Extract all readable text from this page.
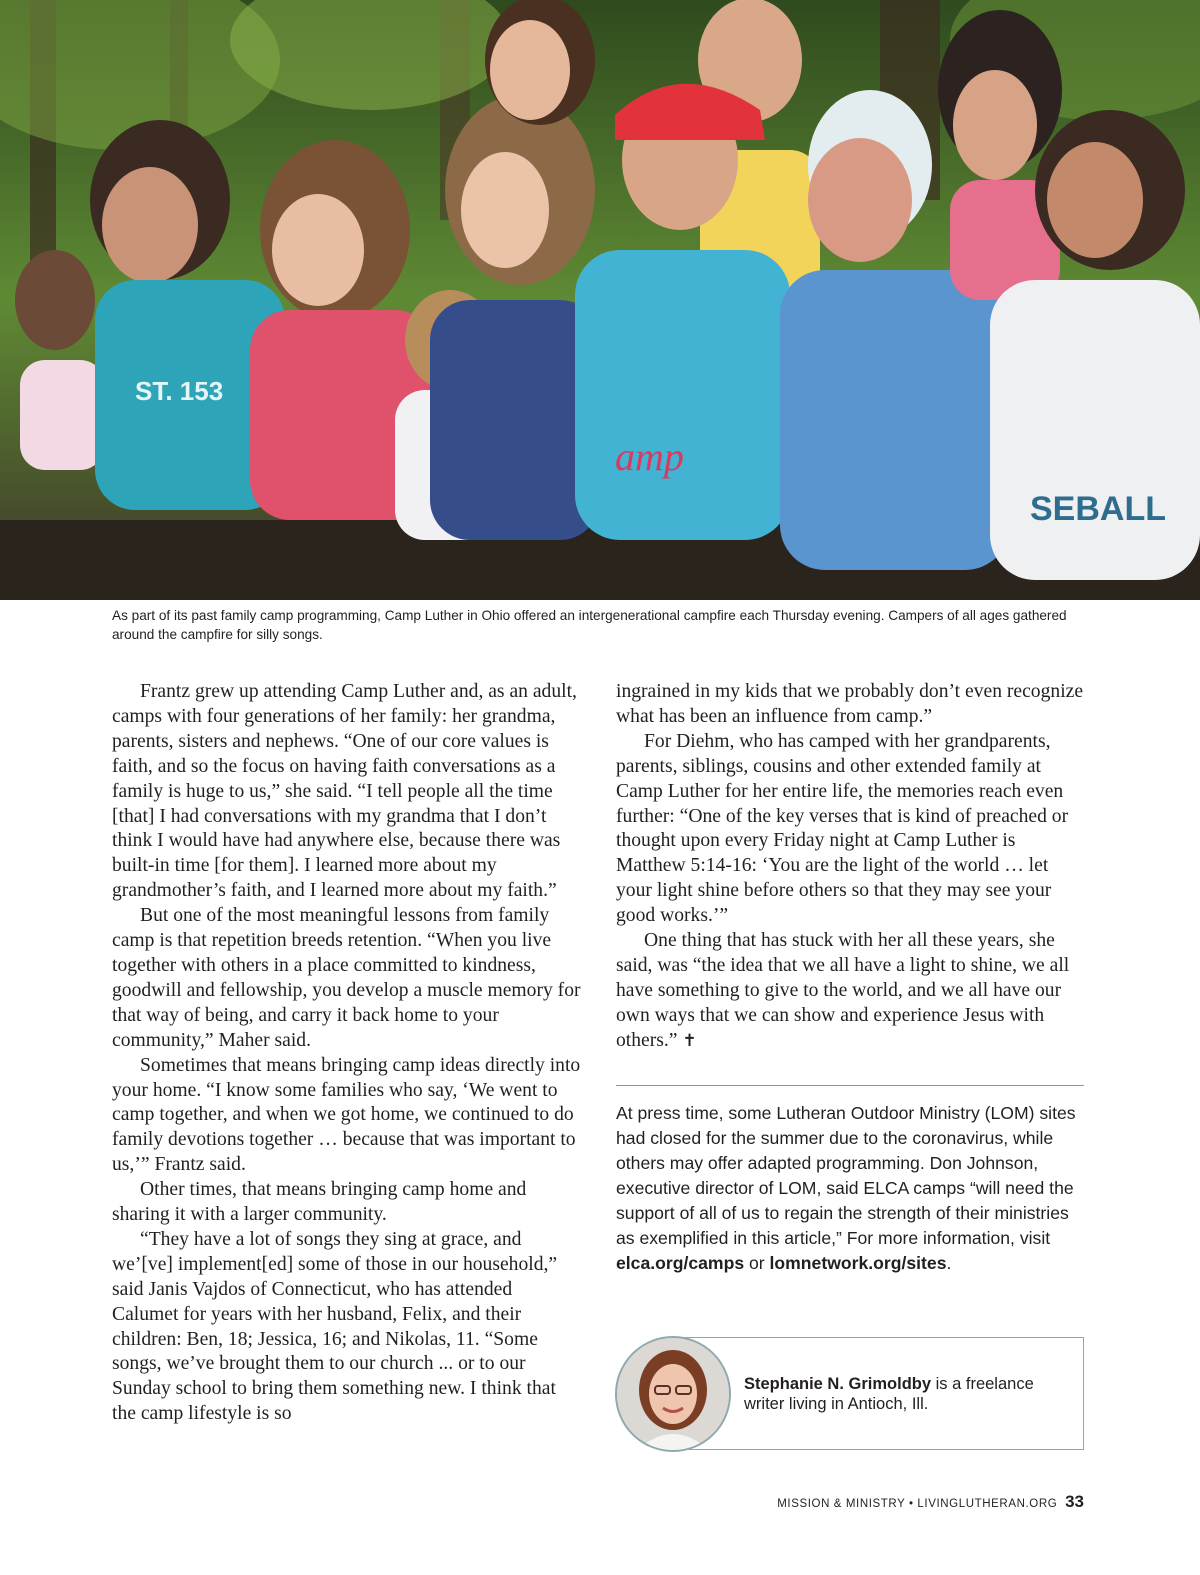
ST. 153
amp
SEBALL
As part of its past family camp programming, Camp Luther in Ohio offered an intergenerational campfire each Thursday evening. Campers of all ages gathered around the campfire for silly songs.

Frantz grew up attending Camp Luther and, as an adult, camps with four generations of her family: her grandma, parents, sisters and nephews. “One of our core values is faith, and so the focus on having faith conversations as a family is huge to us,” she said. “I tell people all the time [that] I had conversations with my grandma that I don’t think I would have had anywhere else, because there was built-in time [for them]. I learned more about my grandmother’s faith, and I learned more about my faith.”

But one of the most meaningful lessons from family camp is that repetition breeds retention. “When you live together with others in a place committed to kindness, goodwill and fellowship, you develop a muscle memory for that way of being, and carry it back home to your community,” Maher said.

Sometimes that means bringing camp ideas directly into your home. “I know some families who say, ‘We went to camp together, and when we got home, we continued to do family devotions together … because that was important to us,’” Frantz said.

Other times, that means bringing camp home and sharing it with a larger community.

“They have a lot of songs they sing at grace, and we’[ve] implement[ed] some of those in our household,” said Janis Vajdos of Connecticut, who has attended Calumet for years with her husband, Felix, and their children: Ben, 18; Jessica, 16; and Nikolas, 11. “Some songs, we’ve brought them to our church ... or to our Sunday school to bring them something new. I think that the camp lifestyle is so

ingrained in my kids that we probably don’t even recognize what has been an influence from camp.”

For Diehm, who has camped with her grandparents, parents, siblings, cousins and other extended family at Camp Luther for her entire life, the memories reach even further: “One of the key verses that is kind of preached or thought upon every Friday night at Camp Luther is Matthew 5:14-16: ‘You are the light of the world … let your light shine before others so that they may see your good works.’”

One thing that has stuck with her all these years, she said, was “the idea that we all have a light to shine, we all have something to give to the world, and we all have our own ways that we can show and experience Jesus with others.” ✝

At press time, some Lutheran Outdoor Ministry (LOM) sites had closed for the summer due to the coronavirus, while others may offer adapted programming. Don Johnson, executive director of LOM, said ELCA camps “will need the support of all of us to regain the strength of their ministries as exemplified in this article,” For more information, visit elca.org/camps or lomnetwork.org/sites.
Stephanie N. Grimoldby is a freelance writer living in Antioch, Ill.
MISSION & MINISTRY • LIVINGLUTHERAN.ORG 33
